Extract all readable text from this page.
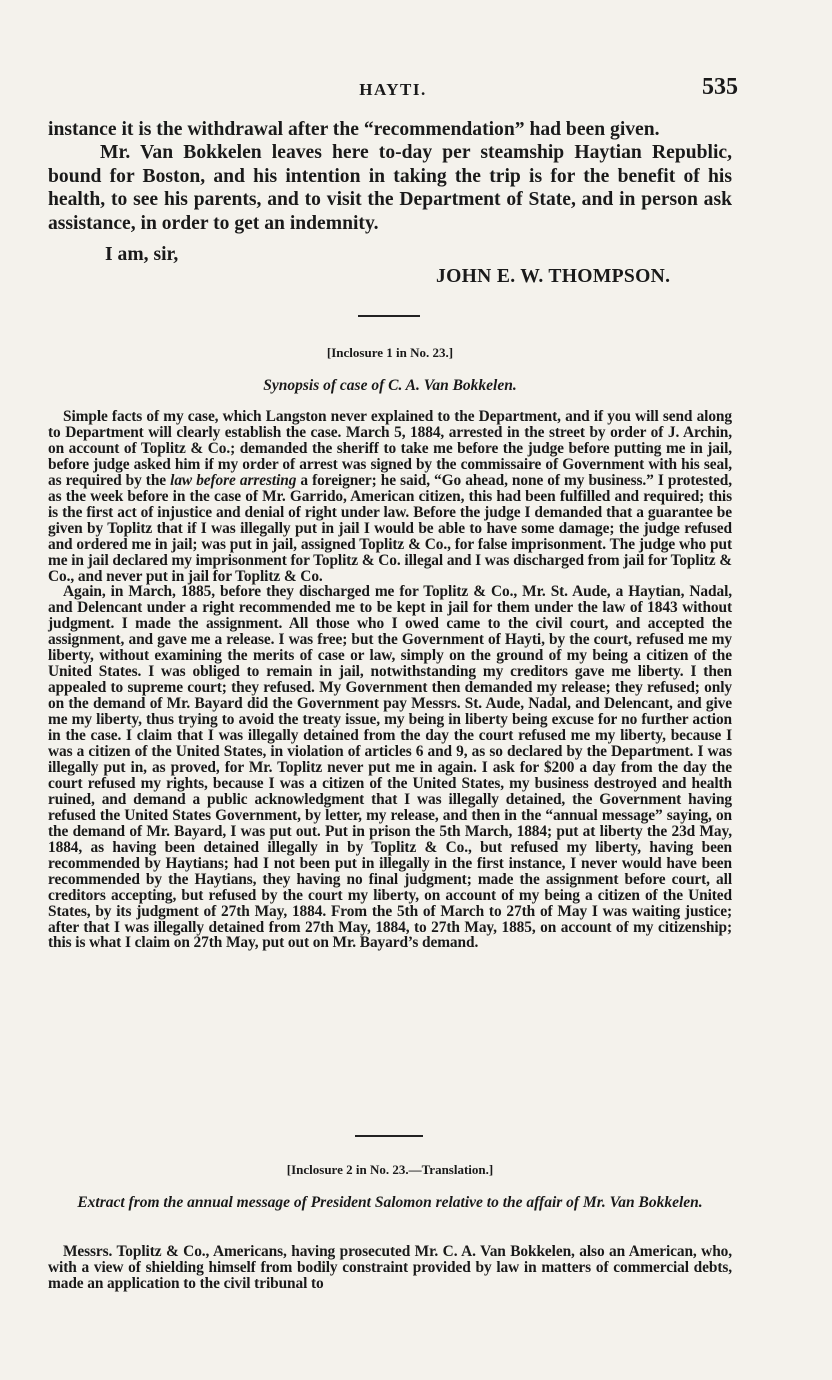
HAYTI.	535

instance it is the withdrawal after the “recommendation” had been given.

Mr. Van Bokkelen leaves here to-day per steamship Haytian Republic, bound for Boston, and his intention in taking the trip is for the benefit of his health, to see his parents, and to visit the Department of State, and in person ask assistance, in order to get an indemnity.

I am, sir,
JOHN E. W. THOMPSON.
[Inclosure 1 in No. 23.]
Synopsis of case of C. A. Van Bokkelen.

Simple facts of my case, which Langston never explained to the Department, and if you will send along to Department will clearly establish the case. March 5, 1884, arrested in the street by order of J. Archin, on account of Toplitz & Co.; demanded the sheriff to take me before the judge before putting me in jail, before judge asked him if my order of arrest was signed by the commissaire of Government with his seal, as required by the law before arresting a foreigner; he said, “Go ahead, none of my business.” I protested, as the week before in the case of Mr. Garrido, American citizen, this had been fulfilled and required; this is the first act of injustice and denial of right under law. Before the judge I demanded that a guarantee be given by Toplitz that if I was illegally put in jail I would be able to have some damage; the judge refused and ordered me in jail; was put in jail, assigned Toplitz & Co., for false imprisonment. The judge who put me in jail declared my imprisonment for Toplitz & Co. illegal and I was discharged from jail for Toplitz & Co., and never put in jail for Toplitz & Co.

Again, in March, 1885, before they discharged me for Toplitz & Co., Mr. St. Aude, a Haytian, Nadal, and Delencant under a right recommended me to be kept in jail for them under the law of 1843 without judgment. I made the assignment. All those who I owed came to the civil court, and accepted the assignment, and gave me a release. I was free; but the Government of Hayti, by the court, refused me my liberty, without examining the merits of case or law, simply on the ground of my being a citizen of the United States. I was obliged to remain in jail, notwithstanding my creditors gave me liberty. I then appealed to supreme court; they refused. My Government then demanded my release; they refused; only on the demand of Mr. Bayard did the Government pay Messrs. St. Aude, Nadal, and Delencant, and give me my liberty, thus trying to avoid the treaty issue, my being in liberty being excuse for no further action in the case. I claim that I was illegally detained from the day the court refused me my liberty, because I was a citizen of the United States, in violation of articles 6 and 9, as so declared by the Department. I was illegally put in, as proved, for Mr. Toplitz never put me in again. I ask for $200 a day from the day the court refused my rights, because I was a citizen of the United States, my business destroyed and health ruined, and demand a public acknowledgment that I was illegally detained, the Government having refused the United States Government, by letter, my release, and then in the “annual message” saying, on the demand of Mr. Bayard, I was put out. Put in prison the 5th March, 1884; put at liberty the 23d May, 1884, as having been detained illegally in by Toplitz & Co., but refused my liberty, having been recommended by Haytians; had I not been put in illegally in the first instance, I never would have been recommended by the Haytians, they having no final judgment; made the assignment before court, all creditors accepting, but refused by the court my liberty, on account of my being a citizen of the United States, by its judgment of 27th May, 1884. From the 5th of March to 27th of May I was waiting justice; after that I was illegally detained from 27th May, 1884, to 27th May, 1885, on account of my citizenship; this is what I claim on 27th May, put out on Mr. Bayard’s demand.

[Inclosure 2 in No. 23.—Translation.]
Extract from the annual message of President Salomon relative to the affair of Mr. Van Bokkelen.

Messrs. Toplitz & Co., Americans, having prosecuted Mr. C. A. Van Bokkelen, also an American, who, with a view of shielding himself from bodily constraint provided by law in matters of commercial debts, made an application to the civil tribunal to
